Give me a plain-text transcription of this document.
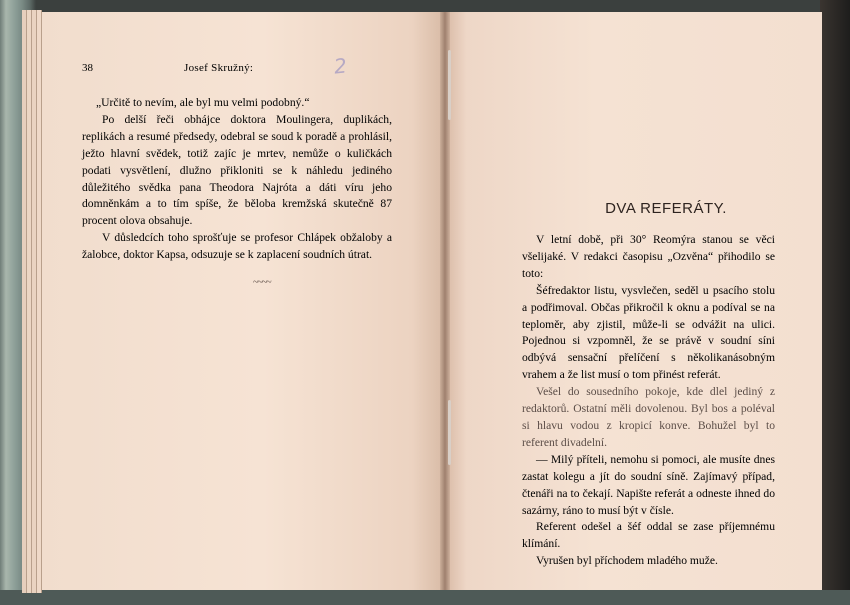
38	Josef Skružný:	2

„Určitě to nevím, ale byl mu velmi podobný.“

Po delší řeči obhájce doktora Moulingera, duplikách, replikách a resumé předsedy, odebral se soud k poradě a prohlásil, ježto hlavní svědek, totiž zajíc je mrtev, nemůže o kuličkách podati vysvětlení, dlužno přikloniti se k náhledu jediného důležitého svědka pana Theodora Najróta a dáti víru jeho domněnkám a to tím spíše, že běloba kremžská skutečně 87 procent olova obsahuje.

V důsledcích toho sprošťuje se profesor Chlápek obžaloby a žalobce, doktor Kapsa, odsuzuje se k zaplacení soudních útrat.

~~~~
DVA REFERÁTY.

V letní době, při 30° Reomýra stanou se věci všelijaké. V redakci časopisu „Ozvěna“ přihodilo se toto:

Šéfredaktor listu, vysvlečen, seděl u psacího stolu a podřimoval. Občas přikročil k oknu a podíval se na teploměr, aby zjistil, může-li se odvážit na ulici. Pojednou si vzpomněl, že se právě v soudní síni odbývá sensační přelíčení s několikanásobným vrahem a že list musí o tom přinést referát.

Vešel do sousedního pokoje, kde dlel jediný z redaktorů. Ostatní měli dovolenou. Byl bos a poléval si hlavu vodou z kropicí konve. Bohužel byl to referent divadelní.

— Milý příteli, nemohu si pomoci, ale musíte dnes zastat kolegu a jít do soudní síně. Zajímavý případ, čtenáři na to čekají. Napište referát a odneste ihned do sazárny, ráno to musí být v čísle.

Referent odešel a šéf oddal se zase příjemnému klímání.

Vyrušen byl příchodem mladého muže.
